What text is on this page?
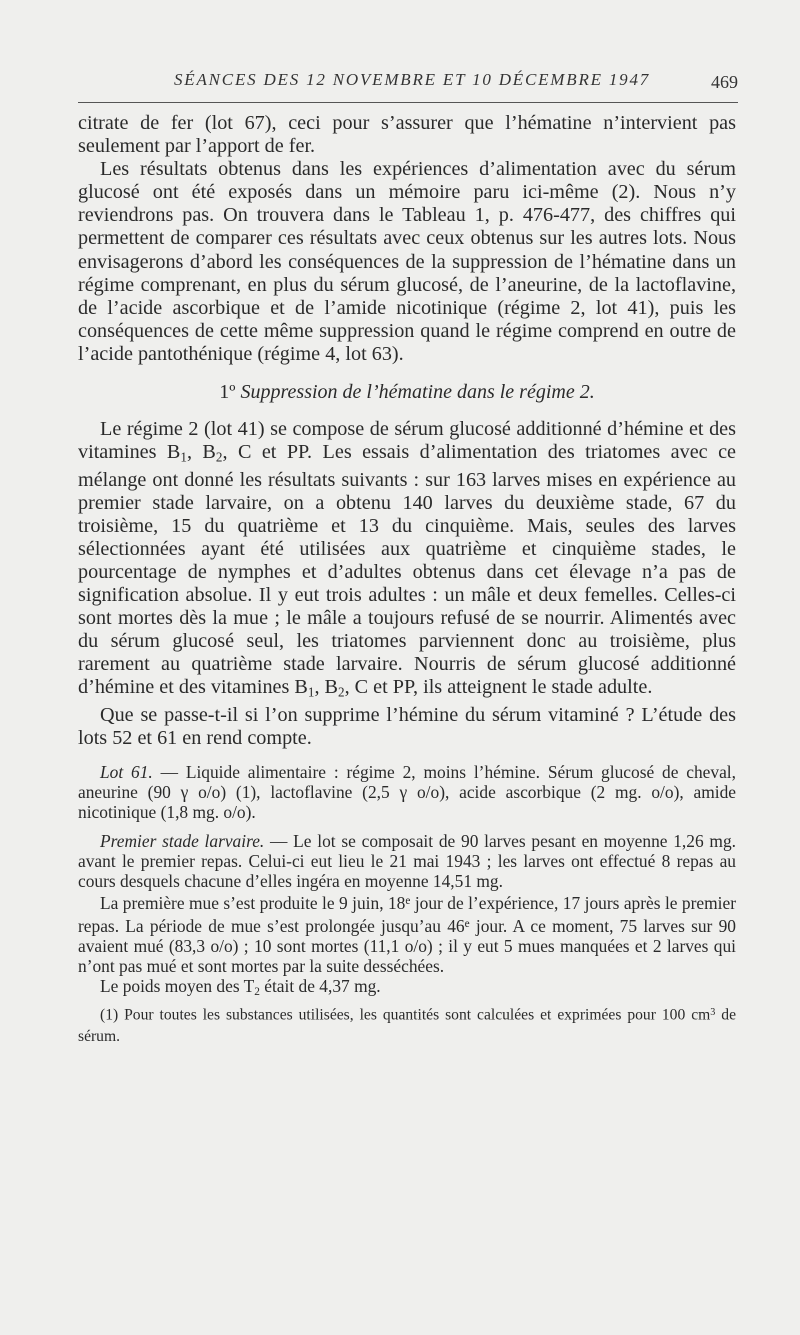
SÉANCES DES 12 NOVEMBRE ET 10 DÉCEMBRE 1947	469

citrate de fer (lot 67), ceci pour s’assurer que l’hématine n’intervient pas seulement par l’apport de fer.

Les résultats obtenus dans les expériences d’alimentation avec du sérum glucosé ont été exposés dans un mémoire paru ici-même (2). Nous n’y reviendrons pas. On trouvera dans le Tableau 1, p. 476-477, des chiffres qui permettent de comparer ces résultats avec ceux obtenus sur les autres lots. Nous envisagerons d’abord les conséquences de la suppression de l’hématine dans un régime comprenant, en plus du sérum glucosé, de l’aneurine, de la lactoflavine, de l’acide ascorbique et de l’amide nicotinique (régime 2, lot 41), puis les conséquences de cette même suppression quand le régime comprend en outre de l’acide pantothénique (régime 4, lot 63).

1º Suppression de l’hématine dans le régime 2.

Le régime 2 (lot 41) se compose de sérum glucosé additionné d’hémine et des vitamines $B_1$, $B_2$, C et PP. Les essais d’alimentation des triatomes avec ce mélange ont donné les résultats suivants : sur 163 larves mises en expérience au premier stade larvaire, on a obtenu 140 larves du deuxième stade, 67 du troisième, 15 du quatrième et 13 du cinquième. Mais, seules des larves sélectionnées ayant été utilisées aux quatrième et cinquième stades, le pourcentage de nymphes et d’adultes obtenus dans cet élevage n’a pas de signification absolue. Il y eut trois adultes : un mâle et deux femelles. Celles-ci sont mortes dès la mue ; le mâle a toujours refusé de se nourrir. Alimentés avec du sérum glucosé seul, les triatomes parviennent donc au troisième, plus rarement au quatrième stade larvaire. Nourris de sérum glucosé additionné d’hémine et des vitamines $B_1$, $B_2$, C et PP, ils atteignent le stade adulte.

Que se passe-t-il si l’on supprime l’hémine du sérum vitaminé ? L’étude des lots 52 et 61 en rend compte.

Lot 61. — Liquide alimentaire : régime 2, moins l’hémine. Sérum glucosé de cheval, aneurine (90 γ o/o) (1), lactoflavine (2,5 γ o/o), acide ascorbique (2 mg. o/o), amide nicotinique (1,8 mg. o/o).

Premier stade larvaire. — Le lot se composait de 90 larves pesant en moyenne 1,26 mg. avant le premier repas. Celui-ci eut lieu le 21 mai 1943 ; les larves ont effectué 8 repas au cours desquels chacune d’elles ingéra en moyenne 14,51 mg.

La première mue s’est produite le 9 juin, 18e jour de l’expérience, 17 jours après le premier repas. La période de mue s’est prolongée jusqu’au 46e jour. A ce moment, 75 larves sur 90 avaient mué (83,3 o/o) ; 10 sont mortes (11,1 o/o) ; il y eut 5 mues manquées et 2 larves qui n’ont pas mué et sont mortes par la suite desséchées.

Le poids moyen des $T_2$ était de 4,37 mg.

(1) Pour toutes les substances utilisées, les quantités sont calculées et exprimées pour 100 $cm^3$ de sérum.
